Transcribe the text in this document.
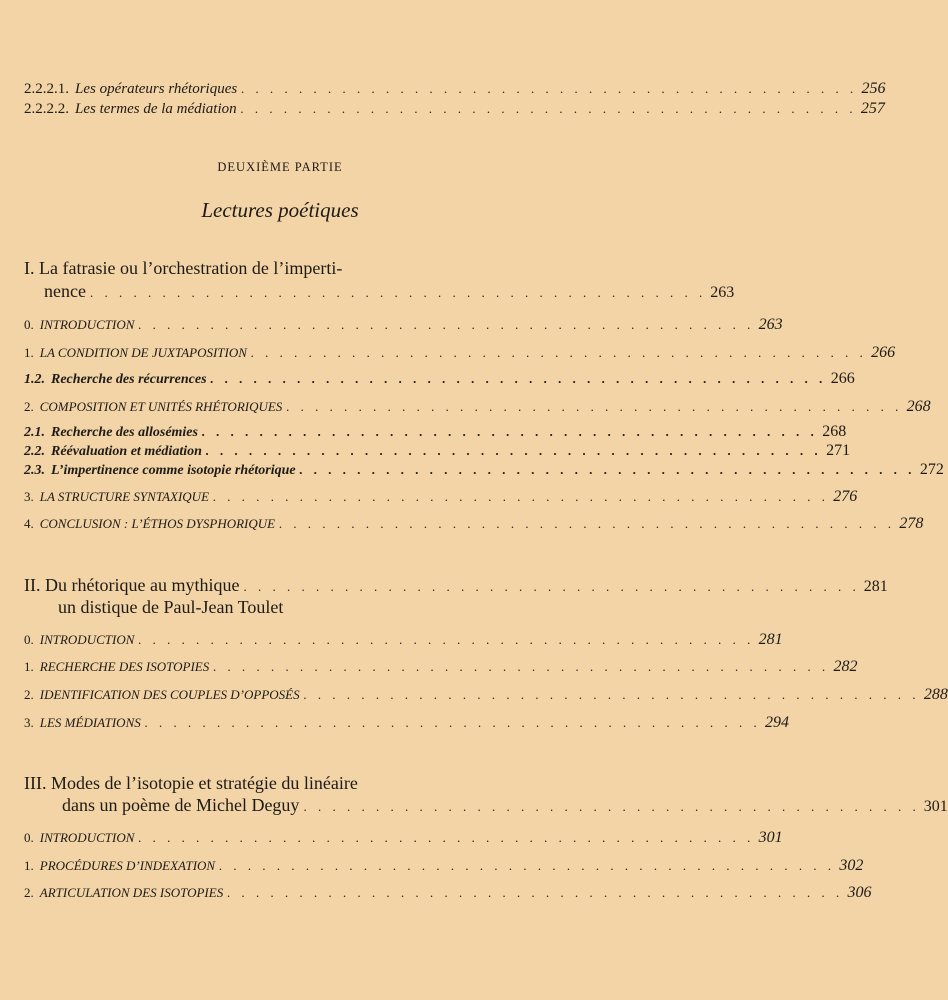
2.2.2.1. Les opérateurs rhétoriques . . . . . . . . . . . . . . . . . . . . . . . . . . . . . . . . . . . . . . . . . . . 256
2.2.2.2. Les termes de la médiation . . . . . . . . . . . . . . . . . . . . . . . . . . . . . . . . . . . . . . . . . . . 257
DEUXIÈME PARTIE
Lectures poétiques
I. La fatrasie ou l’orchestration de l’imperti-
nence . . . . . . . . . . . . . . . . . . . . . . . . . . . . . . . . . . . . . . . . . . . 263
0. INTRODUCTION . . . . . . . . . . . . . . . . . . . . . . . . . . . . . . . . . . . . . . . . . . . 263
1. LA CONDITION DE JUXTAPOSITION . . . . . . . . . . . . . . . . . . . . . . . . . . . . . . . . . . . . . . . . . . . 266
1.2. Recherche des récurrences . . . . . . . . . . . . . . . . . . . . . . . . . . . . . . . . . . . . . . . . . . . 266
2. COMPOSITION ET UNITÉS RHÉTORIQUES . . . . . . . . . . . . . . . . . . . . . . . . . . . . . . . . . . . . . . . . . . . 268
2.1. Recherche des allosémies . . . . . . . . . . . . . . . . . . . . . . . . . . . . . . . . . . . . . . . . . . . 268
2.2. Réévaluation et médiation . . . . . . . . . . . . . . . . . . . . . . . . . . . . . . . . . . . . . . . . . . . 271
2.3. L’impertinence comme isotopie rhétorique . . . . . . . . . . . . . . . . . . . . . . . . . . . . . . . . . . . . . . . . . . . 272
3. LA STRUCTURE SYNTAXIQUE . . . . . . . . . . . . . . . . . . . . . . . . . . . . . . . . . . . . . . . . . . . 276
4. CONCLUSION : L’ÉTHOS DYSPHORIQUE . . . . . . . . . . . . . . . . . . . . . . . . . . . . . . . . . . . . . . . . . . . 278
II. Du rhétorique au mythique . . . . . . . . . . . . . . . . . . . . . . . . . . . . . . . . . . . . . . . . . . . 281
un distique de Paul-Jean Toulet
0. INTRODUCTION . . . . . . . . . . . . . . . . . . . . . . . . . . . . . . . . . . . . . . . . . . . 281
1. RECHERCHE DES ISOTOPIES . . . . . . . . . . . . . . . . . . . . . . . . . . . . . . . . . . . . . . . . . . . 282
2. IDENTIFICATION DES COUPLES D’OPPOSÉS . . . . . . . . . . . . . . . . . . . . . . . . . . . . . . . . . . . . . . . . . . . 288
3. LES MÉDIATIONS . . . . . . . . . . . . . . . . . . . . . . . . . . . . . . . . . . . . . . . . . . . 294
III. Modes de l’isotopie et stratégie du linéaire
dans un poème de Michel Deguy . . . . . . . . . . . . . . . . . . . . . . . . . . . . . . . . . . . . . . . . . . . 301
0. INTRODUCTION . . . . . . . . . . . . . . . . . . . . . . . . . . . . . . . . . . . . . . . . . . . 301
1. PROCÉDURES D’INDEXATION . . . . . . . . . . . . . . . . . . . . . . . . . . . . . . . . . . . . . . . . . . . 302
2. ARTICULATION DES ISOTOPIES . . . . . . . . . . . . . . . . . . . . . . . . . . . . . . . . . . . . . . . . . . . 306
